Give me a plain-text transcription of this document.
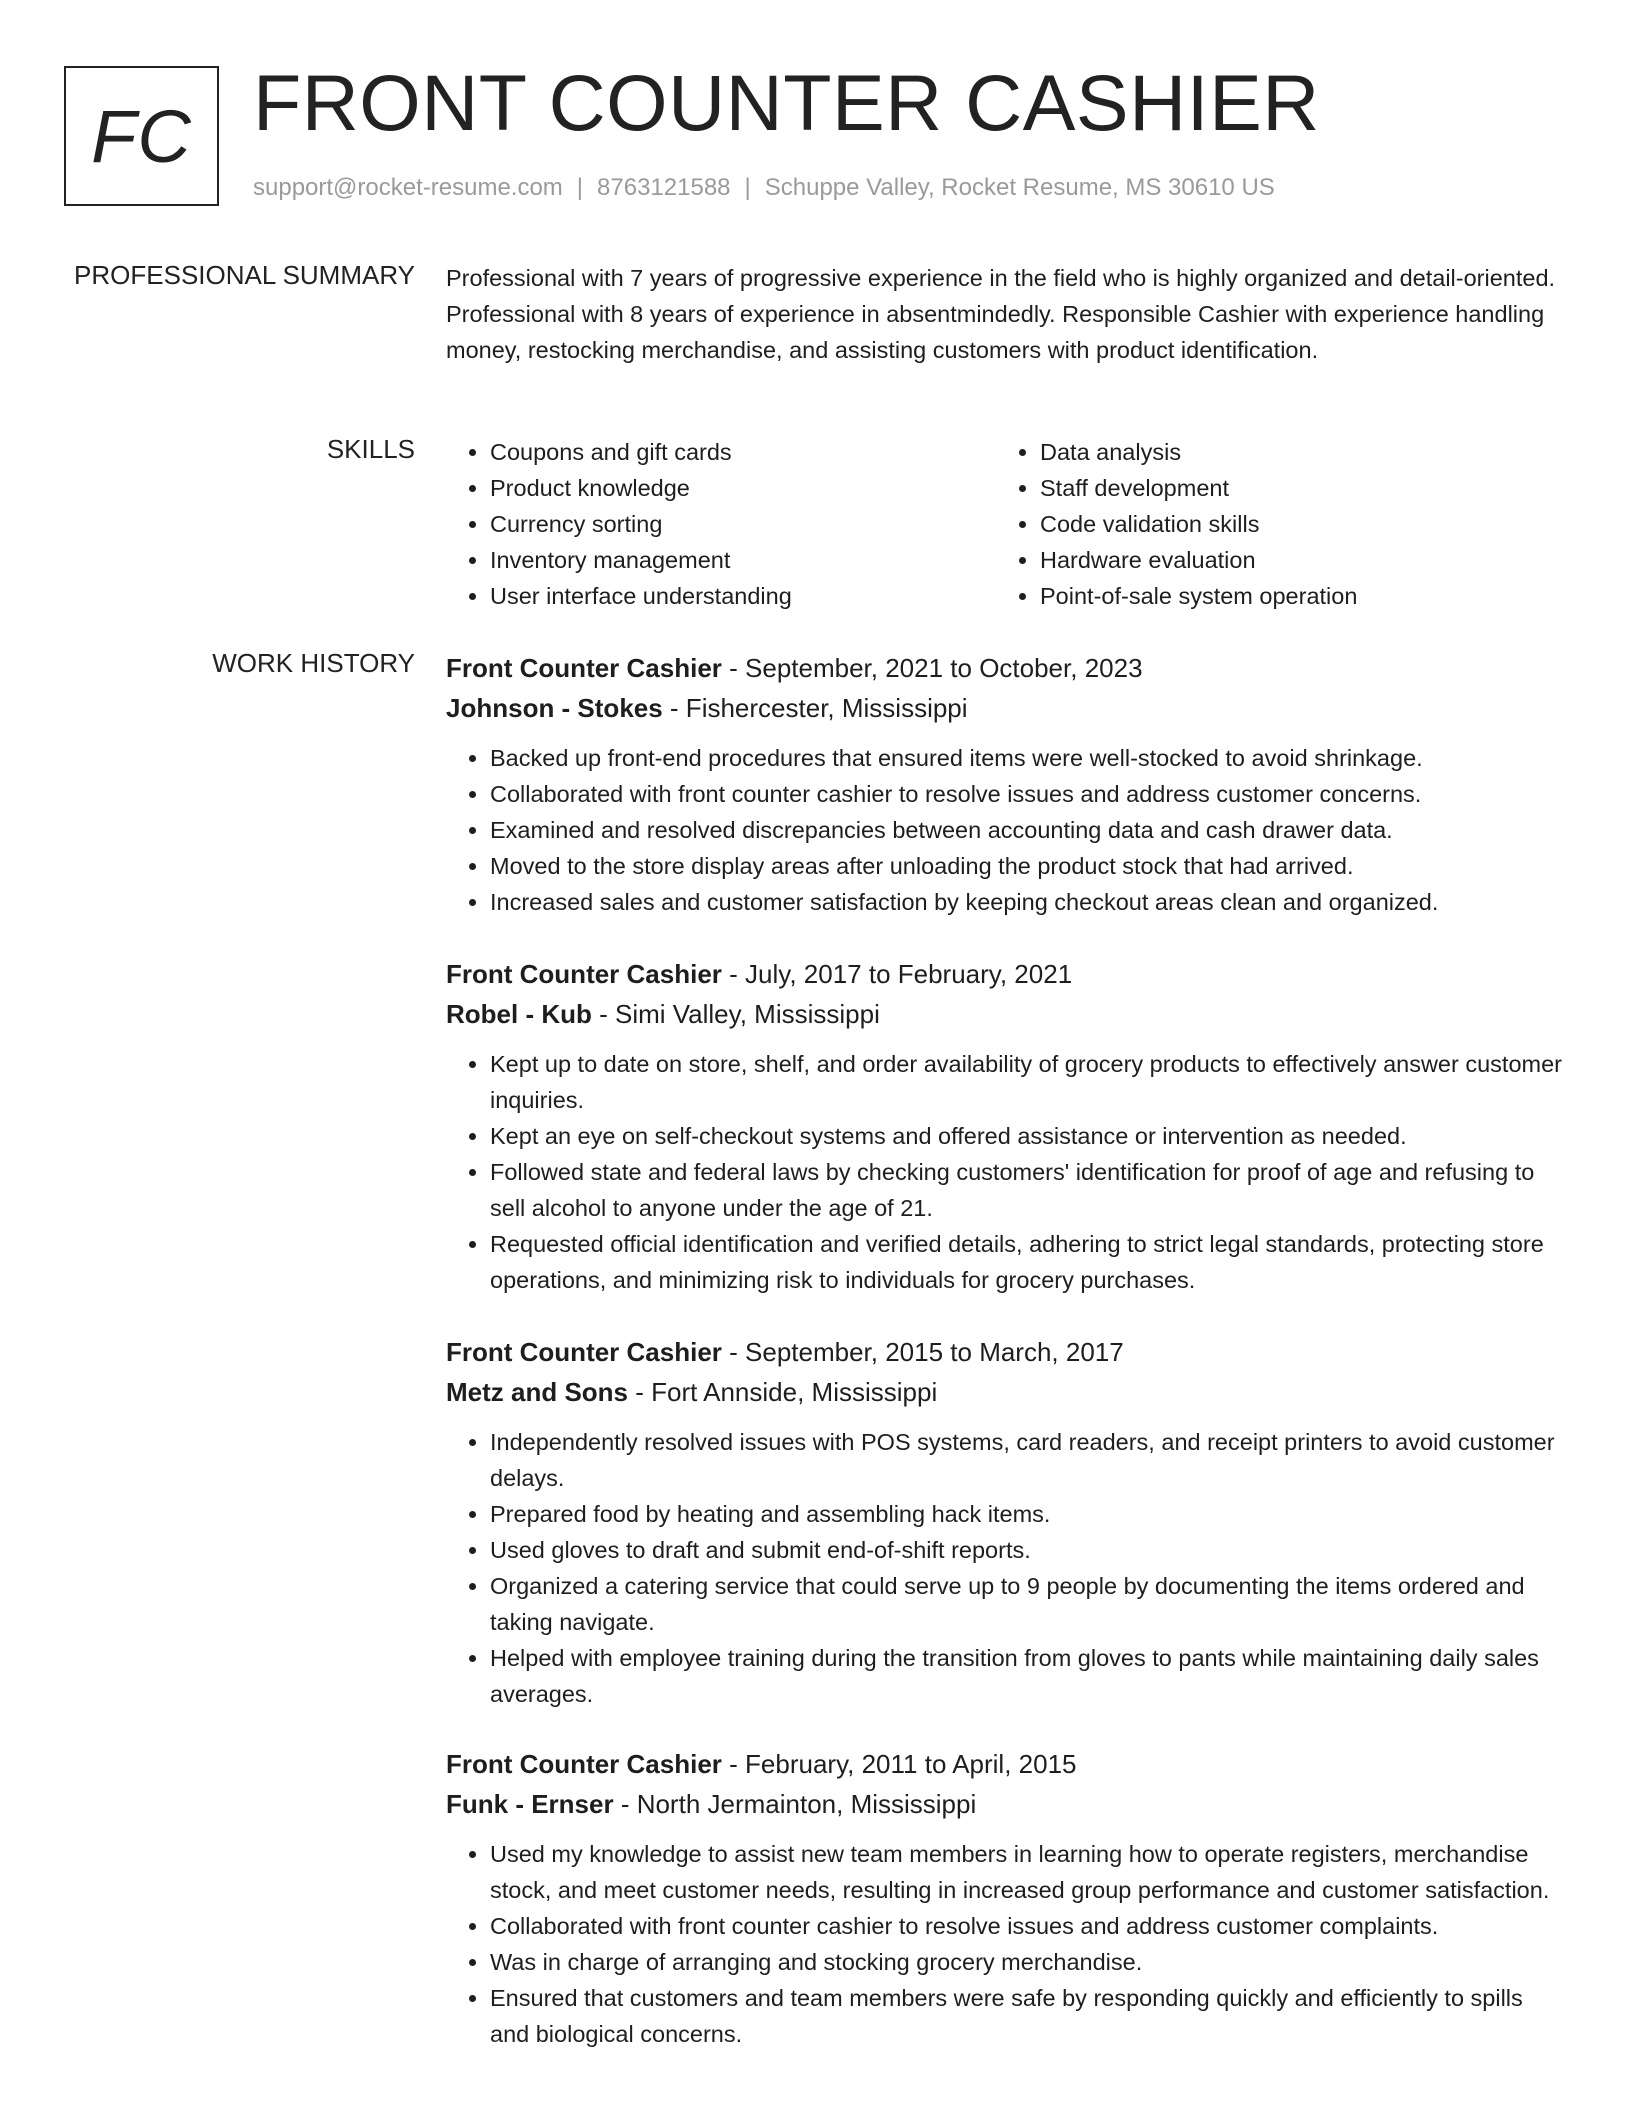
FC FRONT COUNTER CASHIER
support@rocket-resume.com | 8763121588 | Schuppe Valley, Rocket Resume, MS 30610 US
PROFESSIONAL SUMMARY Professional with 7 years of progressive experience in the field who is highly organized and detail-oriented. Professional with 8 years of experience in absentmindedly. Responsible Cashier with experience handling money, restocking merchandise, and assisting customers with product identification.
SKILLS
•	Coupons and gift cards
• Product knowledge
• Currency sorting
• Inventory management
• User interface understanding
• Data analysis
• Staff development
• Code validation skills
• Hardware evaluation
• Point-of-sale system operation
WORK HISTORY Front Counter Cashier - September, 2021 to October, 2023
Johnson - Stokes - Fishercester, Mississippi
• Backed up front-end procedures that ensured items were well-stocked to avoid shrinkage.
• Collaborated with front counter cashier to resolve issues and address customer concerns.
• Examined and resolved discrepancies between accounting data and cash drawer data.
• Moved to the store display areas after unloading the product stock that had arrived.
• Increased sales and customer satisfaction by keeping checkout areas clean and organized.
Front Counter Cashier - July, 2017 to February, 2021
Robel - Kub - Simi Valley, Mississippi
• Kept up to date on store, shelf, and order availability of grocery products to effectively answer customer inquiries.
• Kept an eye on self-checkout systems and offered assistance or intervention as needed.
• Followed state and federal laws by checking customers' identification for proof of age and refusing to sell alcohol to anyone under the age of 21.
• Requested official identification and verified details, adhering to strict legal standards, protecting store operations, and minimizing risk to individuals for grocery purchases.
Front Counter Cashier - September, 2015 to March, 2017
Metz and Sons - Fort Annside, Mississippi
• Independently resolved issues with POS systems, card readers, and receipt printers to avoid customer delays.
• Prepared food by heating and assembling hack items.
• Used gloves to draft and submit end-of-shift reports.
• Organized a catering service that could serve up to 9 people by documenting the items ordered and taking navigate.
• Helped with employee training during the transition from gloves to pants while maintaining daily sales averages.
Front Counter Cashier - February, 2011 to April, 2015
Funk - Ernser - North Jermainton, Mississippi
• Used my knowledge to assist new team members in learning how to operate registers, merchandise stock, and meet customer needs, resulting in increased group performance and customer satisfaction.
• Collaborated with front counter cashier to resolve issues and address customer complaints.
• Was in charge of arranging and stocking grocery merchandise.
• Ensured that customers and team members were safe by responding quickly and efficiently to spills and biological concerns.
